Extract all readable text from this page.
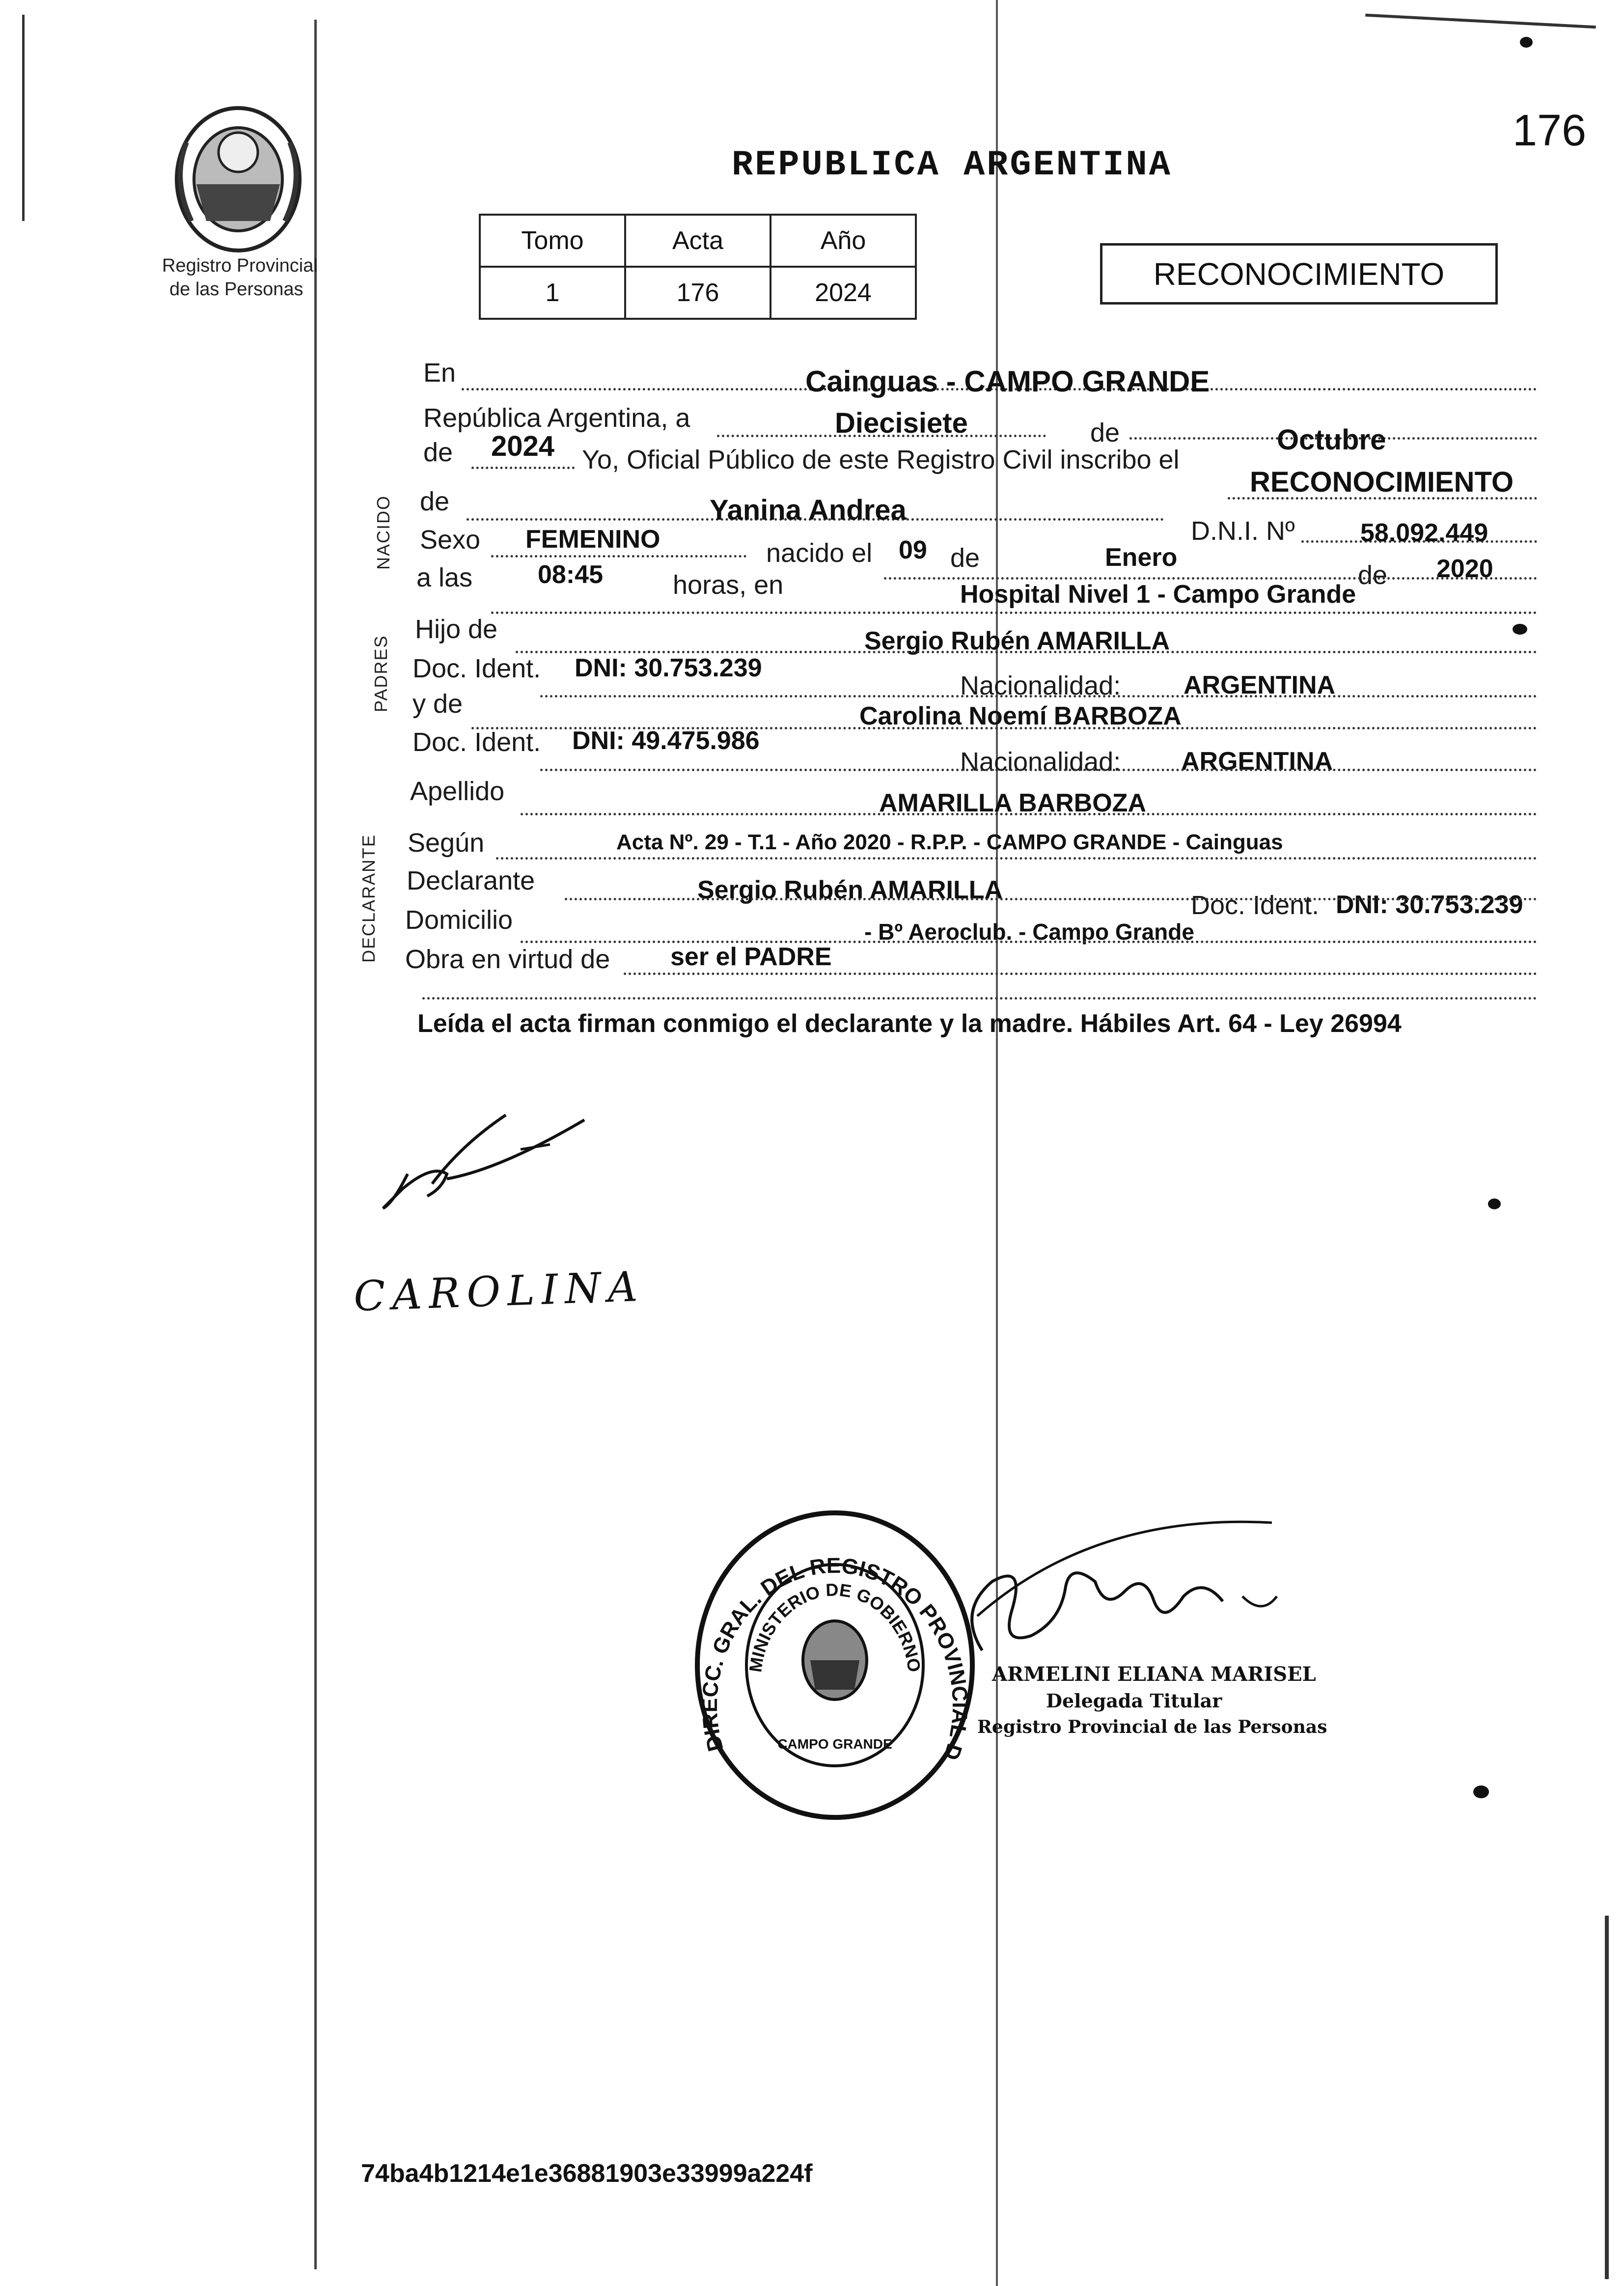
176
Registro Provincial
de las Personas
REPUBLICA ARGENTINA
Tomo	Acta	Año
1	176	2024
RECONOCIMIENTO
NACIDO
PADRES
DECLARANTE
En	Cainguas - CAMPO GRANDE
República Argentina, a	Diecisiete	de	Octubre
de 2024 Yo, Oficial Público de este Registro Civil inscribo el
RECONOCIMIENTO
de	Yanina Andrea
D.N.I. Nº	58.092.449
Sexo FEMENINO	nacido el 09 de	Enero
de 2020
a las	08:45	horas, en	Hospital Nivel 1 - Campo Grande
Hijo de	Sergio Rubén AMARILLA
Doc. Ident. DNI: 30.753.239
Nacionalidad: ARGENTINA
y de	Carolina Noemí BARBOZA
Doc. Ident. DNI: 49.475.986
Nacionalidad: ARGENTINA
Apellido	AMARILLA BARBOZA
Según	Acta Nº. 29 - T.1 - Año 2020 - R.P.P. - CAMPO GRANDE - Cainguas
Declarante	Sergio Rubén AMARILLA
Doc. Ident. DNI: 30.753.239
Domicilio	- Bº Aeroclub. - Campo Grande
Obra en virtud de ser el PADRE
Leída el acta firman conmigo el declarante y la madre. Hábiles Art. 64 - Ley 26994
CAROLINA
DIRECC. GRAL. DEL REGISTRO PROVINCIAL D
MINISTERIO DE GOBIERNO
CAMPO GRANDE
ARMELINI ELIANA MARISEL
Delegada Titular
Registro Provincial de las Personas
74ba4b1214e1e36881903e33999a224f
